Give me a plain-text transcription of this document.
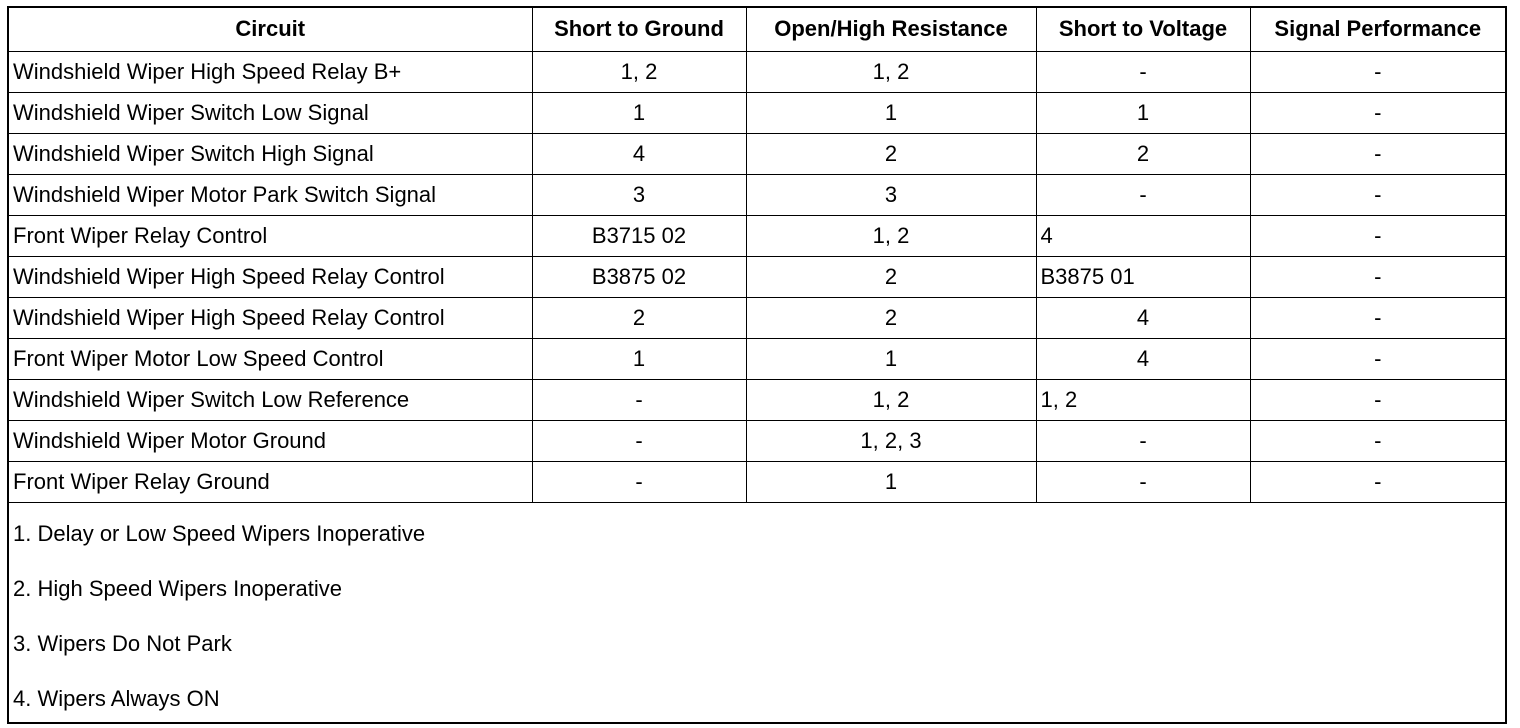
Circuit	Short to Ground	Open/High Resistance	Short to Voltage	Signal Performance
Windshield Wiper High Speed Relay B+	1, 2	1, 2	-	-
Windshield Wiper Switch Low Signal	1	1	1	-
Windshield Wiper Switch High Signal	4	2	2	-
Windshield Wiper Motor Park Switch Signal	3	3	-	-
Front Wiper Relay Control	B3715 02	1, 2	4	-
Windshield Wiper High Speed Relay Control	B3875 02	2	B3875 01	-
Windshield Wiper High Speed Relay Control	2	2	4	-
Front Wiper Motor Low Speed Control	1	1	4	-
Windshield Wiper Switch Low Reference	-	1, 2	1, 2	-
Windshield Wiper Motor Ground	-	1, 2, 3	-	-
Front Wiper Relay Ground	-	1	-	-
1. Delay or Low Speed Wipers Inoperative				
2. High Speed Wipers Inoperative				
3. Wipers Do Not Park				
4. Wipers Always ON				
